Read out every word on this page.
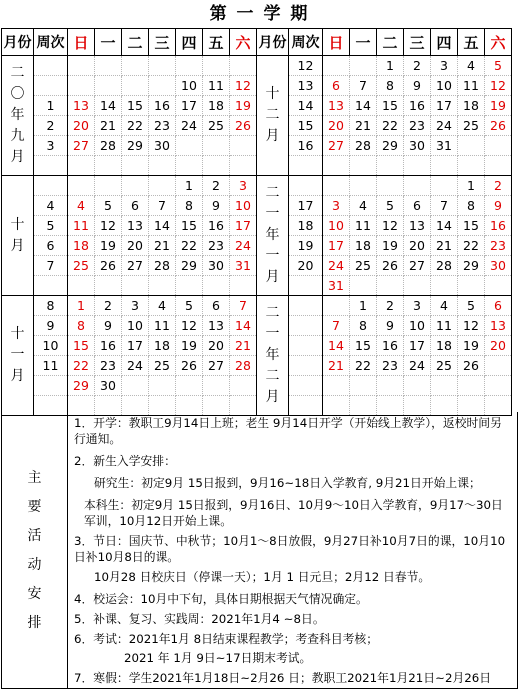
第 一 学 期
月份	周次	日	一	二	三	四	五	六	月份	周次	日	一	二	三	四	五	六

二〇年九月									十二月	12			1	2	3	4	5
						10	11	12		13	6	7	8	9	10	11	12
	1	13	14	15	16	17	18	19		14	13	14	15	16	17	18	19
	2	20	21	22	23	24	25	26		15	20	21	22	23	24	25	26
	3	27	28	29	30					16	27	28	29	30	31		

十月						1	2	3	二一年一月							1	2
	4	4	5	6	7	8	9	10		17	3	4	5	6	7	8	9
	5	11	12	13	14	15	16	17		18	10	11	12	13	14	15	16
	6	18	19	20	21	22	23	24		19	17	18	19	20	21	22	23
	7	25	26	27	28	29	30	31		20	24	25	26	27	28	29	30
											31						

十一月	8	1	2	3	4	5	6	7	二一年二月			1	2	3	4	5	6
	9	8	9	10	11	12	13	14			7	8	9	10	11	12	13
	10	15	16	17	18	19	20	21			14	15	16	17	18	19	20
	11	22	23	24	25	26	27	28			21	22	23	24	25	26	
		29	30														

主
要
活
动
安
排
1．开学：教职工9月14日上班；老生 9月14日开学（开始线上教学），返校时间另行通知。
2．新生入学安排：
研究生：初定9月 15日报到，9月16~18日入学教育, 9月21日开始上课；
本科生：初定9月 15日报到，9月16日、10月9～10日入学教育，9月17～30日军训，10月12日开始上课。
3．节日：国庆节、中秋节；10月1～8日放假，9月27日补10月7日的课，10月10日补10月8日的课。
10月28 日校庆日（停课一天）；1月 1 日元旦；2月12 日春节。
4．校运会：10月中下旬，具体日期根据天气情况确定。
5．补课、复习、实践周：2021年1月4 ~8日。
6．考试：2021年1月 8日结束课程教学；考查科目考核；
2021 年 1月 9日~17日期末考试。
7．寒假：学生2021年1月18日~2月26 日；教职工2021年1月21日~2月26日
